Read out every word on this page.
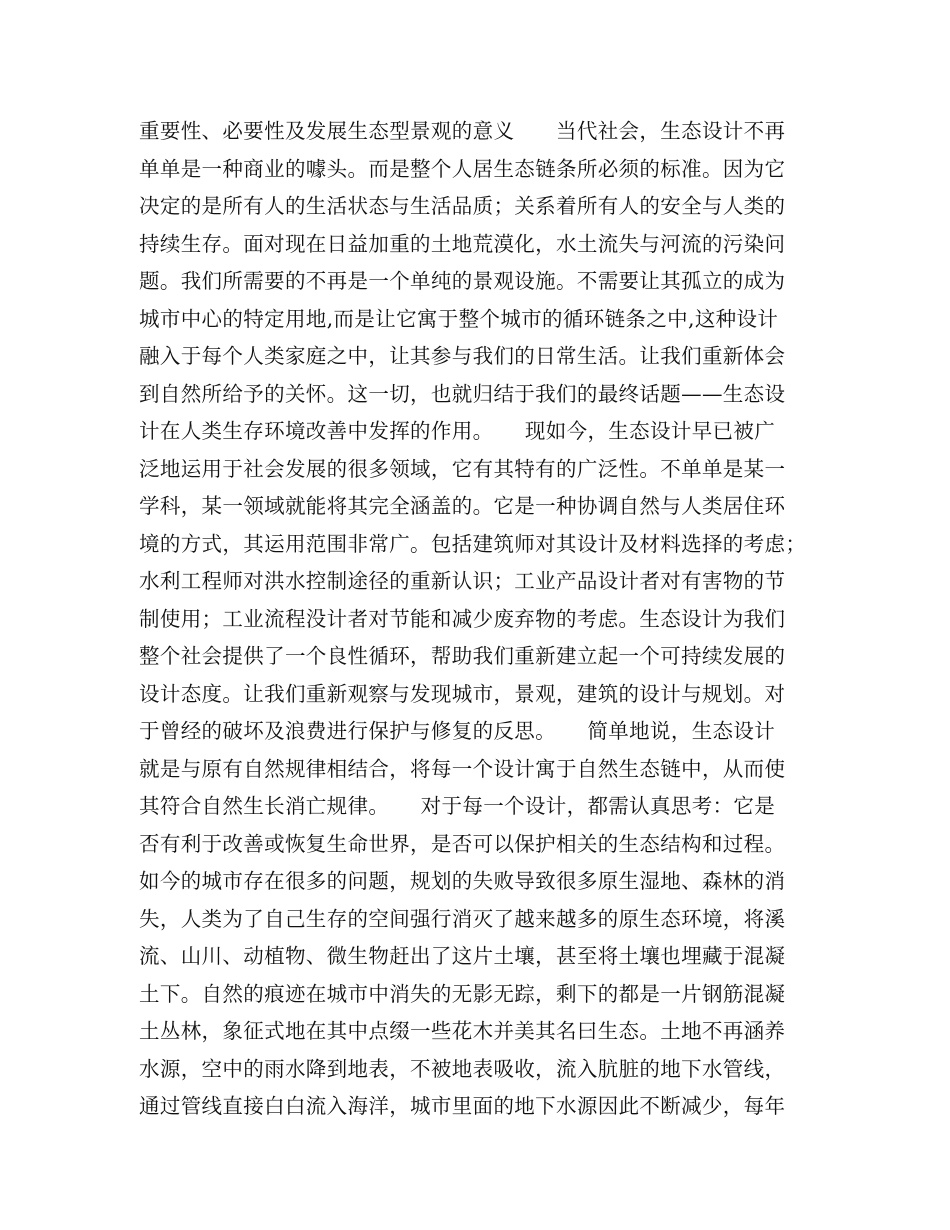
重要性、必要性及发展生态型景观的意义　　当代社会，生态设计不再
单单是一种商业的噱头。而是整个人居生态链条所必须的标准。因为它
决定的是所有人的生活状态与生活品质；关系着所有人的安全与人类的
持续生存。面对现在日益加重的土地荒漠化，水土流失与河流的污染问
题。我们所需要的不再是一个单纯的景观设施。不需要让其孤立的成为
城市中心的特定用地,而是让它寓于整个城市的循环链条之中,这种设计
融入于每个人类家庭之中，让其参与我们的日常生活。让我们重新体会
到自然所给予的关怀。这一切，也就归结于我们的最终话题——生态设
计在人类生存环境改善中发挥的作用。　　现如今，生态设计早已被广
泛地运用于社会发展的很多领域，它有其特有的广泛性。不单单是某一
学科，某一领域就能将其完全涵盖的。它是一种协调自然与人类居住环
境的方式，其运用范围非常广。包括建筑师对其设计及材料选择的考虑；
水利工程师对洪水控制途径的重新认识；工业产品设计者对有害物的节
制使用；工业流程没计者对节能和减少废弃物的考虑。生态设计为我们
整个社会提供了一个良性循环，帮助我们重新建立起一个可持续发展的
设计态度。让我们重新观察与发现城市，景观，建筑的设计与规划。对
于曾经的破坏及浪费进行保护与修复的反思。　　简单地说，生态设计
就是与原有自然规律相结合，将每一个设计寓于自然生态链中，从而使
其符合自然生长消亡规律。　　对于每一个设计，都需认真思考：它是
否有利于改善或恢复生命世界，是否可以保护相关的生态结构和过程。
如今的城市存在很多的问题，规划的失败导致很多原生湿地、森林的消
失，人类为了自己生存的空间强行消灭了越来越多的原生态环境，将溪
流、山川、动植物、微生物赶出了这片土壤，甚至将土壤也埋藏于混凝
土下。自然的痕迹在城市中消失的无影无踪，剩下的都是一片钢筋混凝
土丛林，象征式地在其中点缀一些花木并美其名曰生态。土地不再涵养
水源，空中的雨水降到地表，不被地表吸收，流入肮脏的地下水管线，
通过管线直接白白流入海洋，城市里面的地下水源因此不断减少，每年
